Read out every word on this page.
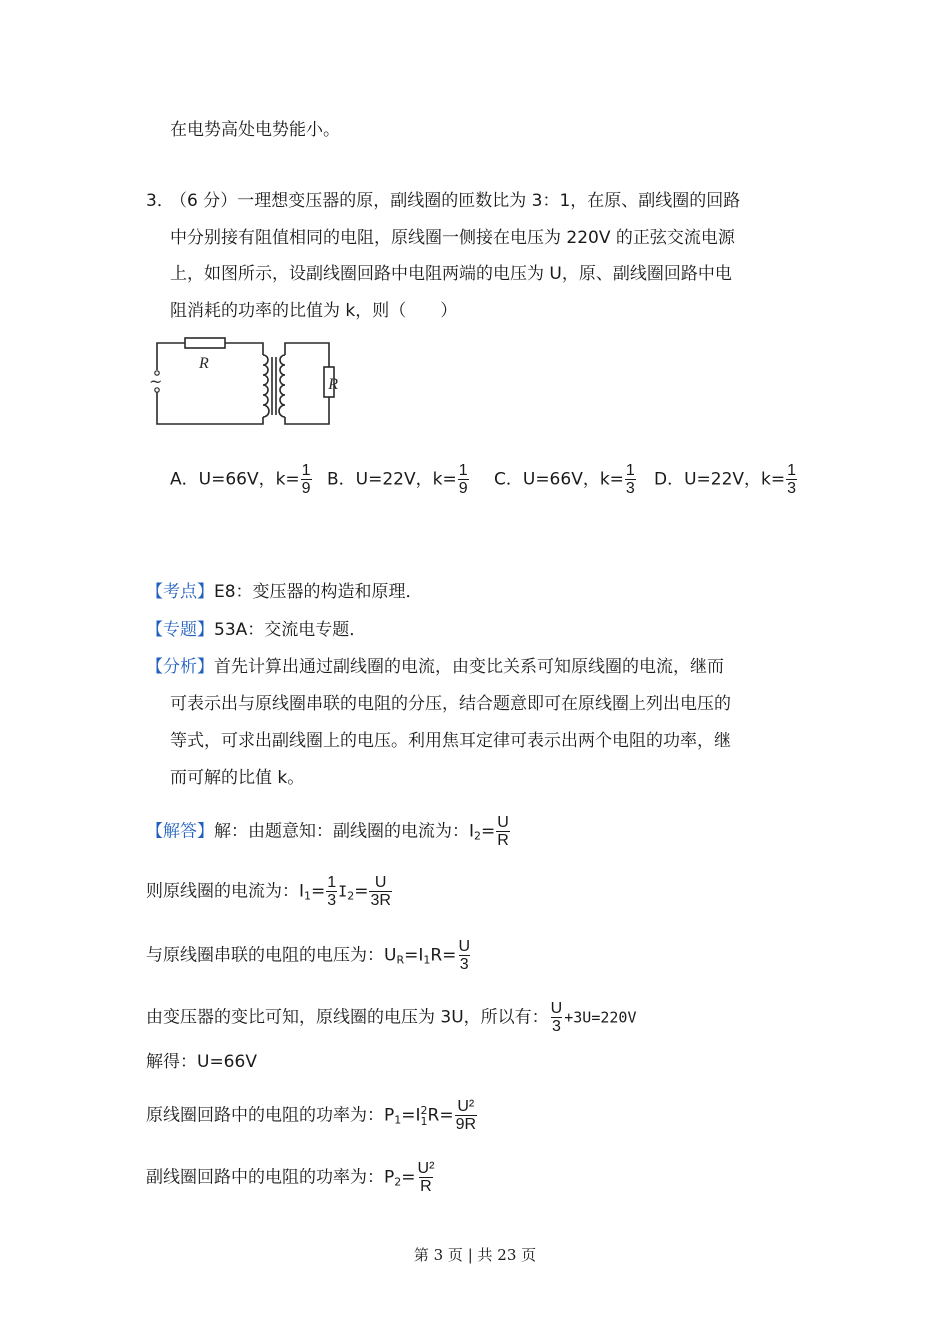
在电势高处电势能小。
3．
（6 分）一理想变压器的原，副线圈的匝数比为 3：1，在原、副线圈的回路
中分别接有阻值相同的电阻，原线圈一侧接在电压为 220V 的正弦交流电源
上，如图所示，设副线圈回路中电阻两端的电压为 U，原、副线圈回路中电
阻消耗的功率的比值为 k，则（　　）
~
R
R
A．U=66V，$k= \frac{1}{9}$ B．U=22V，$k= \frac{1}{9}$ C．U=66V，$k= \frac{1}{3}$ D．U=22V，$k= \frac{1}{3}$
【考点】E8：变压器的构造和原理．
【专题】53A：交流电专题．
【分析】首先计算出通过副线圈的电流，由变比关系可知原线圈的电流，继而
可表示出与原线圈串联的电阻的分压，结合题意即可在原线圈上列出电压的
等式，可求出副线圈上的电压。利用焦耳定律可表示出两个电阻的功率，继
而可解的比值 k。
【解答】解：由题意知：副线圈的电流为：$I_2= \frac{U}{R}$
则原线圈的电流为：$I_1= \frac{1}{3} I_2= \frac{U}{3R}$
与原线圈串联的电阻的电压为：$U_R=I_1R= \frac{U}{3}$
由变压器的变比可知，原线圈的电压为 3U，所以有： $\frac{U}{3} +3U=220V$
解得：U=66V
原线圈回路中的电阻的功率为：$P_1=I$ 2
1 $R= \frac{\text{U²}}{9R}$
副线圈回路中的电阻的功率为：$P_2= \frac{\text{U²}}{R}$
第 3 页 | 共 23 页
